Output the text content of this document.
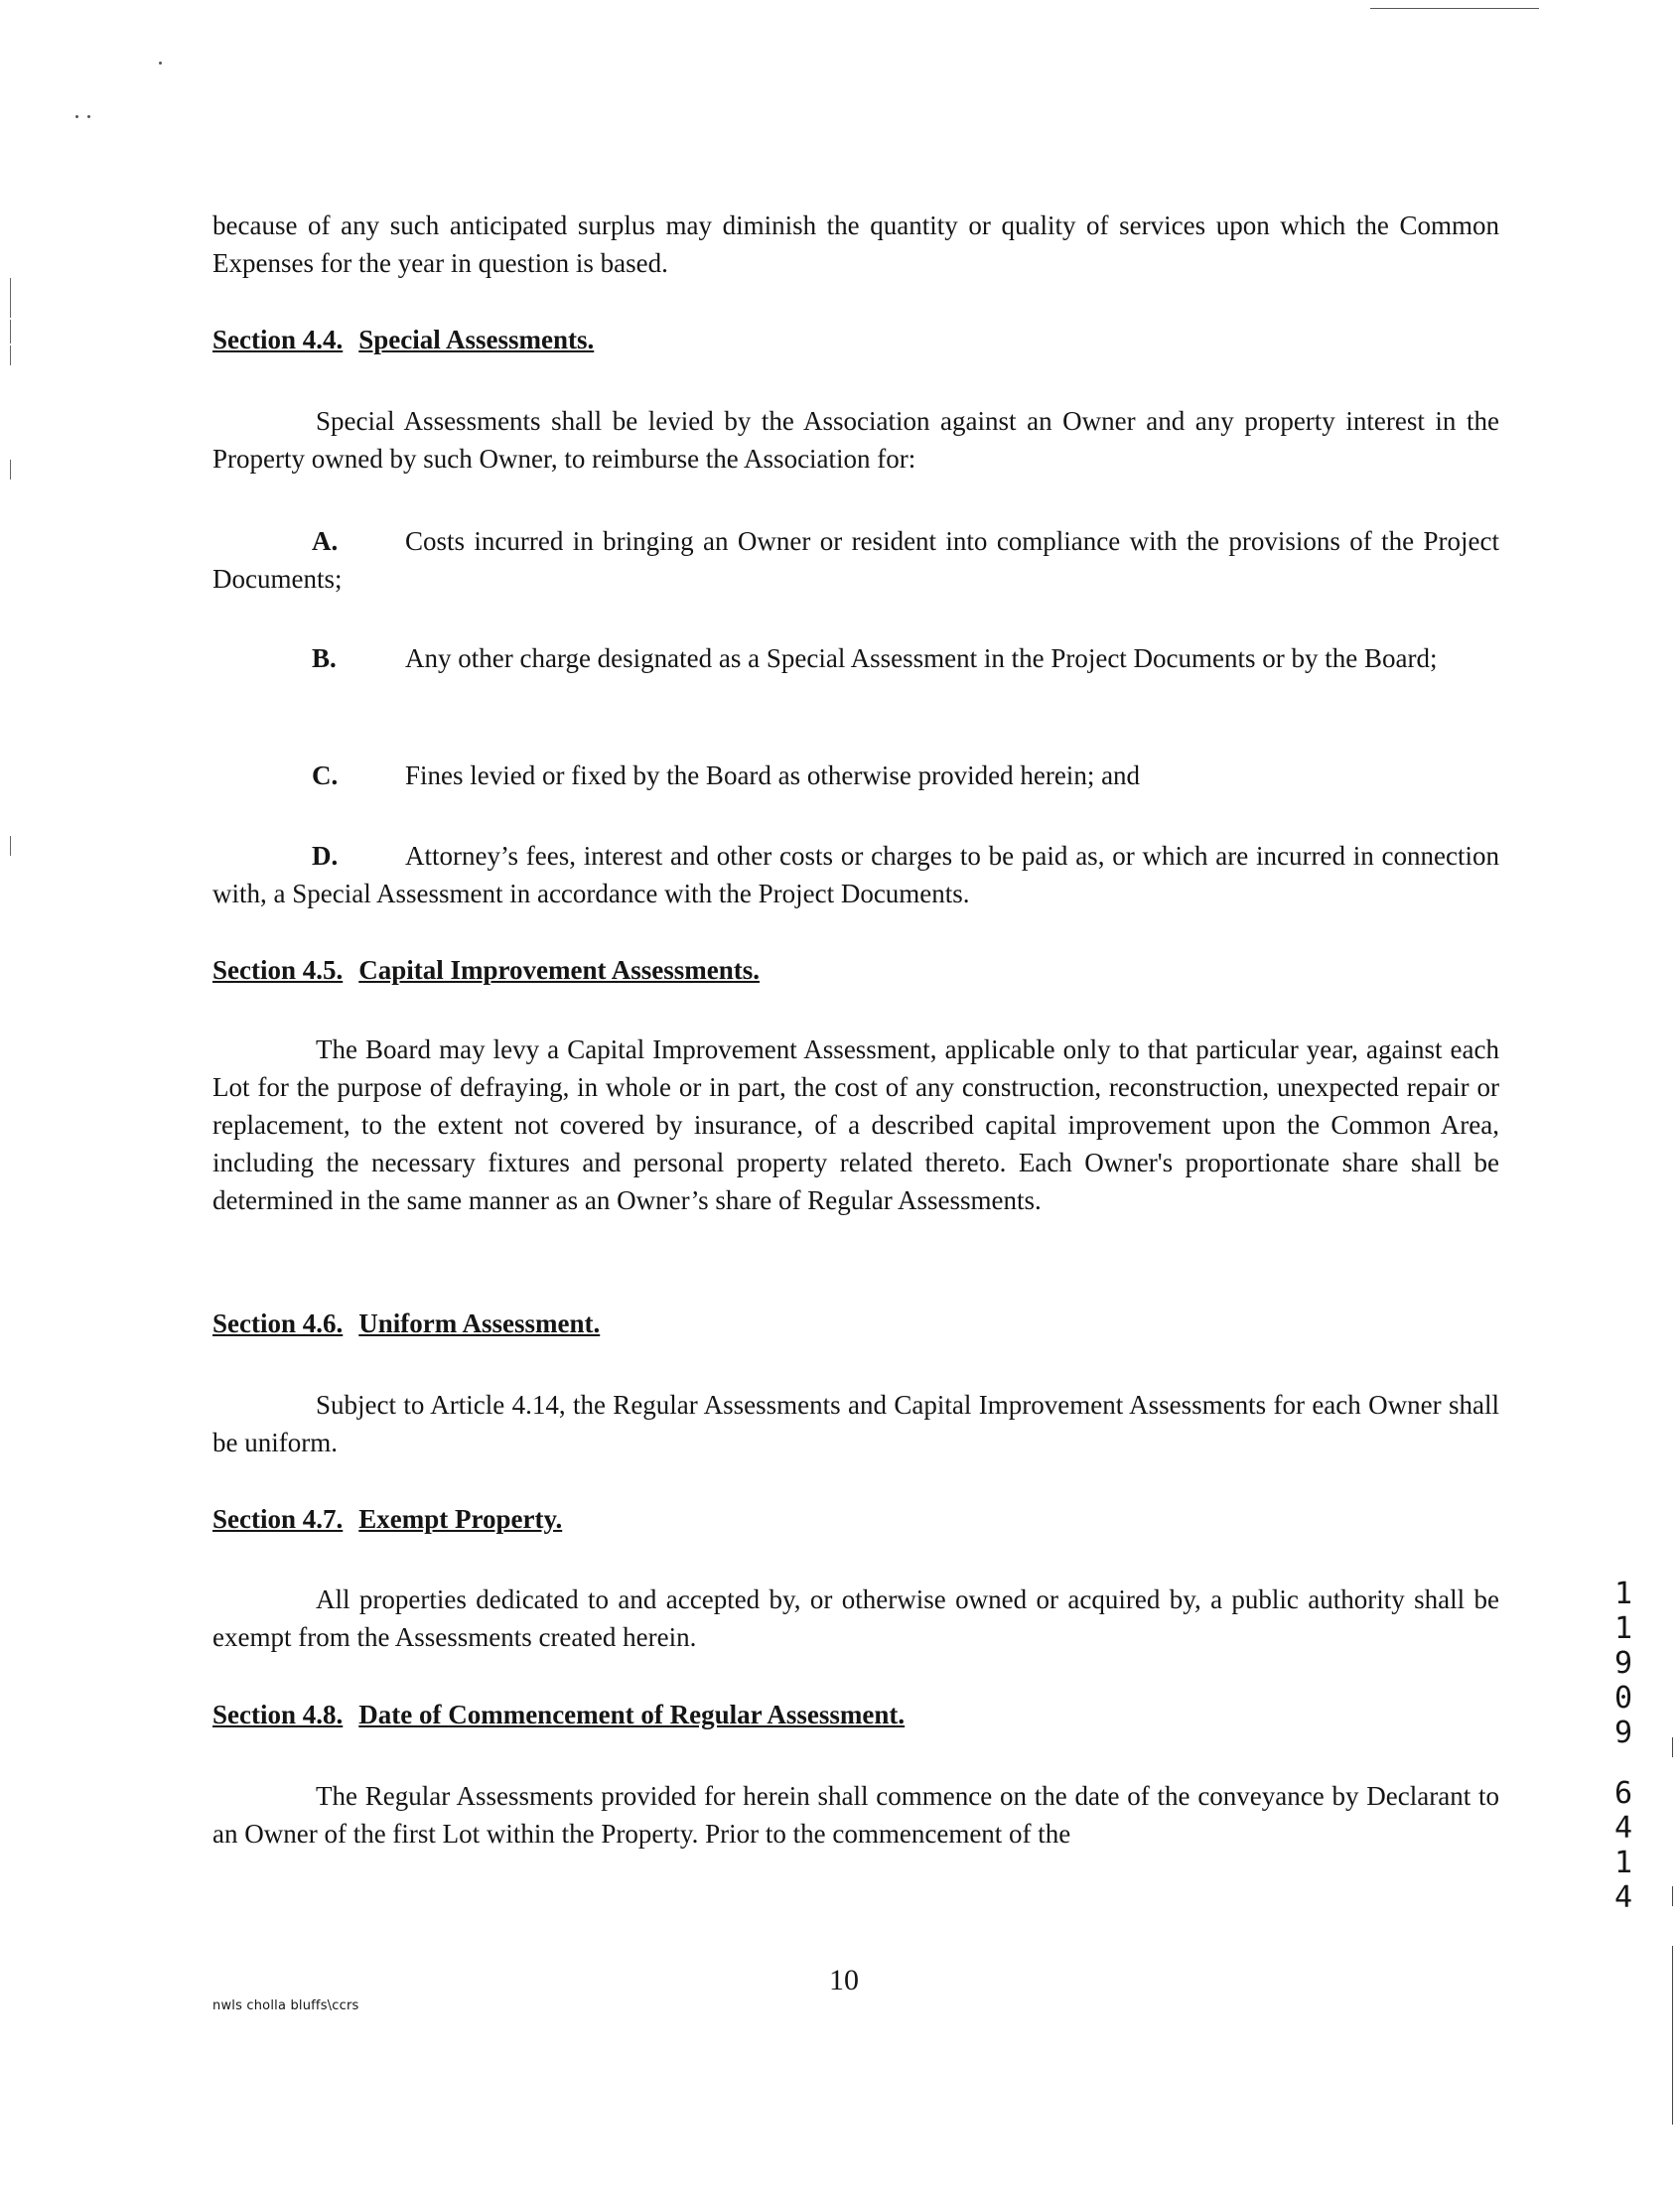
because of any such anticipated surplus may diminish the quantity or quality of services upon which the Common Expenses for the year in question is based.

Section 4.4. Special Assessments.

Special Assessments shall be levied by the Association against an Owner and any property interest in the Property owned by such Owner, to reimburse the Association for:

A.	Costs incurred in bringing an Owner or resident into compliance with the provisions of the Project Documents;

B.	Any other charge designated as a Special Assessment in the Project Documents or by the Board;

C.	Fines levied or fixed by the Board as otherwise provided herein; and

D.	Attorney’s fees, interest and other costs or charges to be paid as, or which are incurred in connection with, a Special Assessment in accordance with the Project Documents.

Section 4.5. Capital Improvement Assessments.

The Board may levy a Capital Improvement Assessment, applicable only to that particular year, against each Lot for the purpose of defraying, in whole or in part, the cost of any construction, reconstruction, unexpected repair or replacement, to the extent not covered by insurance, of a described capital improvement upon the Common Area, including the necessary fixtures and personal property related thereto. Each Owner's proportionate share shall be determined in the same manner as an Owner’s share of Regular Assessments.

Section 4.6. Uniform Assessment.

Subject to Article 4.14, the Regular Assessments and Capital Improvement Assessments for each Owner shall be uniform.

Section 4.7. Exempt Property.

All properties dedicated to and accepted by, or otherwise owned or acquired by, a public authority shall be exempt from the Assessments created herein.

Section 4.8. Date of Commencement of Regular Assessment.

The Regular Assessments provided for herein shall commence on the date of the conveyance by Declarant to an Owner of the first Lot within the Property. Prior to the commencement of the

1
1
9
0
9
6
4
1
4
10
nwls cholla bluffs\ccrs
